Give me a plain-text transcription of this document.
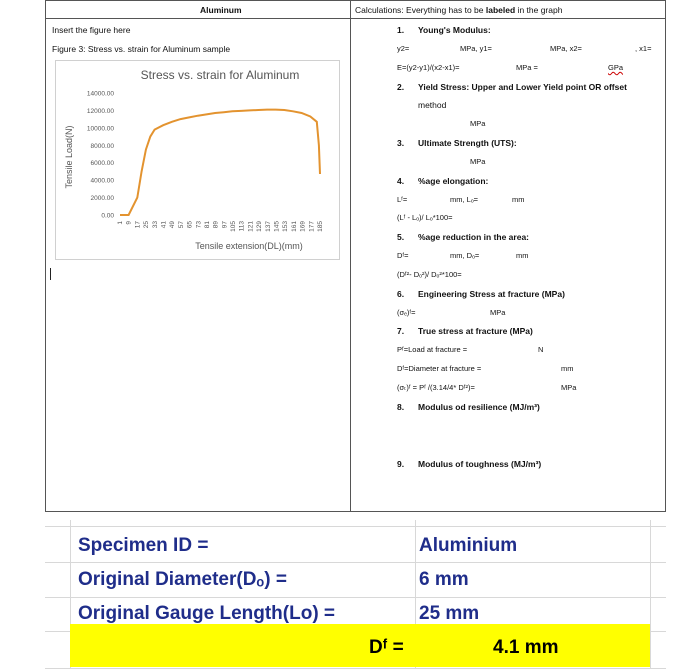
Aluminum
Insert the figure here
Figure 3: Stress vs. strain for Aluminum sample
Stress vs. strain for Aluminum
Tensile Load(N)
Tensile extension(DL)(mm)
0.00
2000.00
4000.00
6000.00
8000.00
10000.00
12000.00
14000.00
1 9 17 25 33 41 49 57 65 73 81 89 97 105 113 121 129 137 145 153 161 169 177 185
Calculations: Everything has to be labeled in the graph
1. Young's Modulus:
y2=	MPa, y1=	MPa, x2=	, x1=
E=(y2-y1)/(x2-x1)=	MPa =	GPa
2. Yield Stress: Upper and Lower Yield point OR offset
method
MPa
3. Ultimate Strength (UTS):
MPa
4. %age elongation:
Lᶠ=	mm, Lₒ=	mm
(Lᶠ - Lₒ)/ Lₒ*100=
5. %age reduction in the area:
Dᶠ=	mm, Dₒ=	mm
(Dᶠ²- Dₒ²)/ Dₒ²*100=
6. Engineering Stress at fracture (MPa)
(σₑ)ᶠ=	MPa
7. True stress at fracture (MPa)
Pᶠ=Load at fracture =	N
Dᶠ=Diameter at fracture =	mm
(σₜ)ᶠ = Pᶠ /(3.14/4* Dᶠ²)=	MPa
8. Modulus od resilience (MJ/m³)
9. Modulus of toughness (MJ/m³)
Specimen ID =	Aluminium
Original Diameter(Dₒ) =	6 mm
Original Gauge Length(Lo) =	25 mm
Dᶠ =	4.1 mm
